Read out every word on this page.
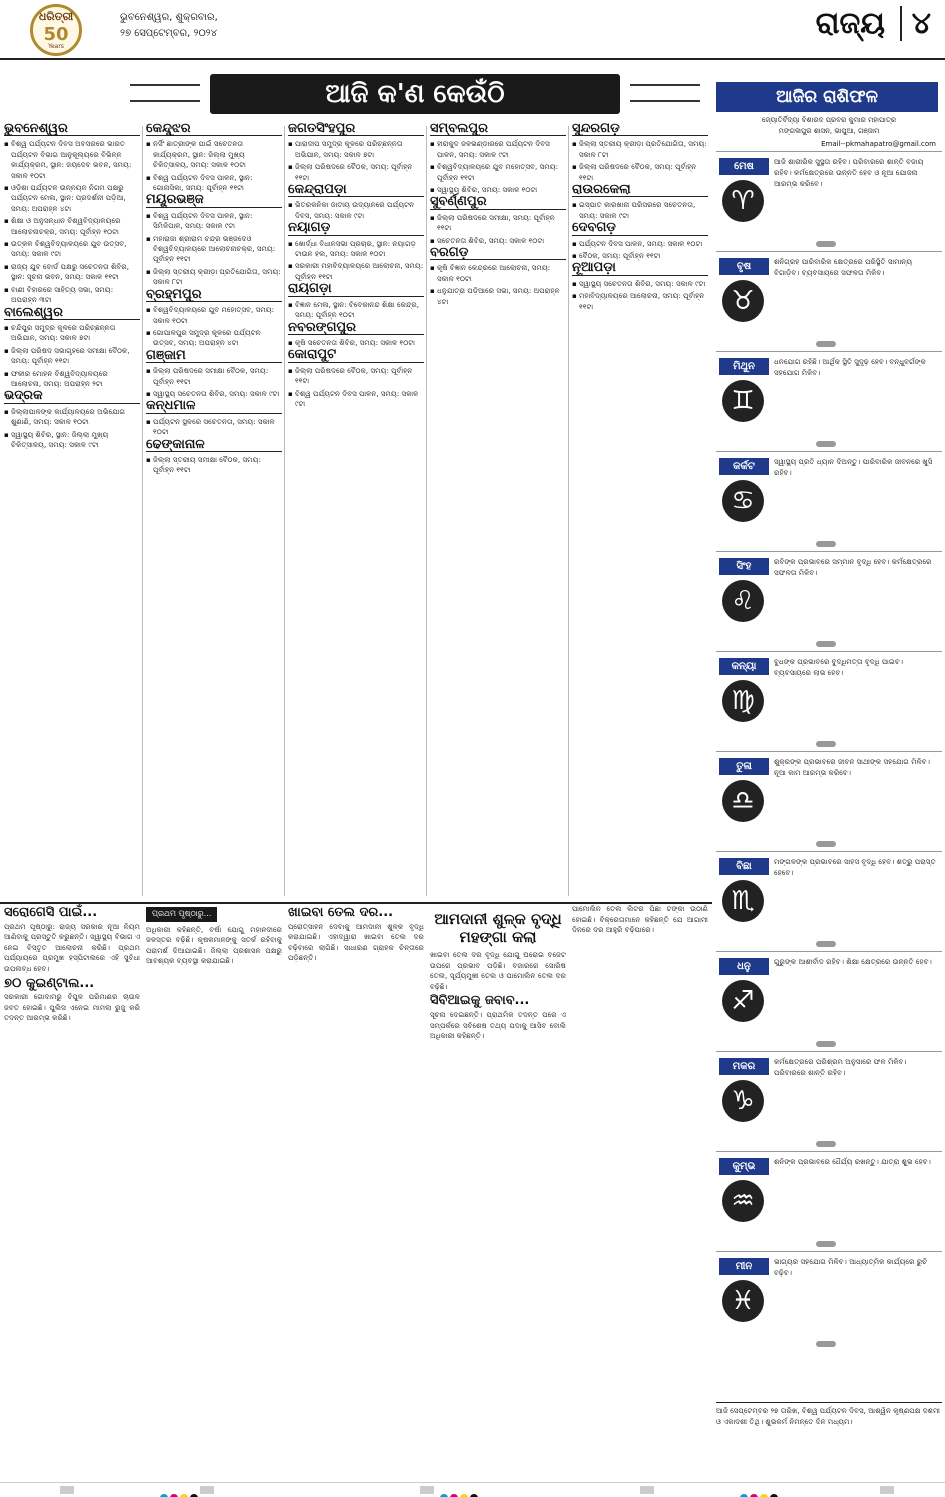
ଧରିତ୍ରୀ
50
Years
ଭୁବନେଶ୍ୱର, ଶୁକ୍ରବାର,
୨୭ ସେପ୍ଟେମ୍ବର, ୨୦୨୪	ରାଜ୍ୟ ୪
ଆଜି କ'ଣ କେଉଁଠି
ଭୁବନେଶ୍ୱର
▪ ବିଶ୍ୱ ପର୍ଯ୍ୟଟନ ଦିବସ ଅବସରରେ ଭାରତ ପର୍ଯ୍ୟଟନ ବିଭାଗ ଆନୁକୂଲ୍ୟରେ ବିଭିନ୍ନ କାର୍ଯ୍ୟକ୍ରମ, ସ୍ଥାନ: ଜୟଦେବ ଭବନ, ସମୟ: ସକାଳ ୧୦ଟା
▪ ଓଡ଼ିଶା ପର୍ଯ୍ୟଟନ ଉନ୍ନୟନ ନିଗମ ପକ୍ଷରୁ ପର୍ଯ୍ୟଟନ ମେଳା, ସ୍ଥାନ: ପ୍ରଦର୍ଶନୀ ପଡ଼ିଆ, ସମୟ: ଅପରାହ୍ନ ୪ଟା
▪ ଶିକ୍ଷା ଓ ଅନୁସନ୍ଧାନ ବିଶ୍ୱବିଦ୍ୟାଳୟରେ ଆଲୋଚନାଚକ୍ର, ସମୟ: ପୂର୍ବାହ୍ନ ୧୦ଟା
▪ ଉତ୍କଳ ବିଶ୍ୱବିଦ୍ୟାଳୟରେ ଯୁବ ଉତ୍ସବ, ସମୟ: ସକାଳ ୯ଟା
▪ ରାଜ୍ୟ ଯୁବ ବୋର୍ଡ ପକ୍ଷରୁ ସଚେତନତା ଶିବିର, ସ୍ଥାନ: ସୂଚନା ଭବନ, ସମୟ: ସକାଳ ୧୧ଟା
▪ ବାଣୀ ବିହାରରେ ସାହିତ୍ୟ ସଭା, ସମୟ: ଅପରାହ୍ନ ୩ଟା
ବାଲେଶ୍ୱର
▪ ଚନ୍ଦିପୁର ସମୁଦ୍ର କୂଳରେ ପରିଚ୍ଛନ୍ନତା ଅଭିଯାନ, ସମୟ: ସକାଳ ୭ଟା
▪ ଜିଲ୍ଲା ପରିଷଦ ସଭାଗୃହରେ ସମୀକ୍ଷା ବୈଠକ, ସମୟ: ପୂର୍ବାହ୍ନ ୧୧ଟା
▪ ଫକୀର ମୋହନ ବିଶ୍ୱବିଦ୍ୟାଳୟରେ ଆଲୋଚନା, ସମୟ: ଅପରାହ୍ନ ୨ଟା
ଭଦ୍ରକ
▪ ଜିଲ୍ଲାପାଳଙ୍କ କାର୍ଯ୍ୟାଳୟରେ ଅଭିଯୋଗ ଶୁଣାଣି, ସମୟ: ସକାଳ ୧୦ଟା
▪ ସ୍ୱାସ୍ଥ୍ୟ ଶିବିର, ସ୍ଥାନ: ଜିଲ୍ଲା ମୁଖ୍ୟ ଚିକିତ୍ସାଳୟ, ସମୟ: ସକାଳ ୯ଟା
କେନ୍ଦୁଝର
▪ ନର୍ସିଂ ଛାତ୍ରୀଙ୍କ ପାଇଁ ସଚେତନତା କାର୍ଯ୍ୟକ୍ରମ, ସ୍ଥାନ: ଜିଲ୍ଲା ମୁଖ୍ୟ ଚିକିତ୍ସାଳୟ, ସମୟ: ସକାଳ ୧୦ଟା
▪ ବିଶ୍ୱ ପର୍ଯ୍ୟଟନ ଦିବସ ପାଳନ, ସ୍ଥାନ: ଗୋନାସିକା, ସମୟ: ପୂର୍ବାହ୍ନ ୧୧ଟା
ମୟୂରଭଞ୍ଜ
▪ ବିଶ୍ୱ ପର୍ଯ୍ୟଟନ ଦିବସ ପାଳନ, ସ୍ଥାନ: ସିମିଳିପାଳ, ସମୟ: ସକାଳ ୯ଟା
▪ ମହାରାଜା ଶ୍ରୀରାମ ଚନ୍ଦ୍ର ଭଞ୍ଜଦେଓ ବିଶ୍ୱବିଦ୍ୟାଳୟରେ ଆଲୋଚନାଚକ୍ର, ସମୟ: ପୂର୍ବାହ୍ନ ୧୧ଟା
▪ ଜିଲ୍ଲା ସ୍ତରୀୟ କ୍ରୀଡ଼ା ପ୍ରତିଯୋଗିତା, ସମୟ: ସକାଳ ୮ଟା
ବ୍ରହ୍ମପୁର
▪ ବିଶ୍ୱବିଦ୍ୟାଳୟରେ ଯୁବ ମହୋତ୍ସବ, ସମୟ: ସକାଳ ୧୦ଟା
▪ ଗୋପାଳପୁର ସମୁଦ୍ର କୂଳରେ ପର୍ଯ୍ୟଟନ ଉତ୍ସବ, ସମୟ: ଅପରାହ୍ନ ୪ଟା
ଗଞ୍ଜାମ
▪ ଜିଲ୍ଲା ପରିଷଦରେ ସମୀକ୍ଷା ବୈଠକ, ସମୟ: ପୂର୍ବାହ୍ନ ୧୧ଟା
▪ ସ୍ୱାସ୍ଥ୍ୟ ସଚେତନତା ଶିବିର, ସମୟ: ସକାଳ ୯ଟା
କନ୍ଧମାଳ
▪ ପର୍ଯ୍ୟଟନ ସ୍ଥଳରେ ସଚେତନତା, ସମୟ: ସକାଳ ୧୦ଟା
ଢେଙ୍କାନାଳ
▪ ଜିଲ୍ଲା ସ୍ତରୀୟ ସମୀକ୍ଷା ବୈଠକ, ସମୟ: ପୂର୍ବାହ୍ନ ୧୧ଟା
ଜଗତସିଂହପୁର
▪ ପାରାଦୀପ ସମୁଦ୍ର କୂଳରେ ପରିଚ୍ଛନ୍ନତା ଅଭିଯାନ, ସମୟ: ସକାଳ ୭ଟା
▪ ଜିଲ୍ଲା ପରିଷଦରେ ବୈଠକ, ସମୟ: ପୂର୍ବାହ୍ନ ୧୧ଟା
କେନ୍ଦ୍ରାପଡ଼ା
▪ ଭିତରକନିକା ଜାତୀୟ ଉଦ୍ୟାନରେ ପର୍ଯ୍ୟଟନ ଦିବସ, ସମୟ: ସକାଳ ୯ଟା
ନୟାଗଡ଼
▪ ଖୋର୍ଦ୍ଧା ବିଧାନସଭା ପ୍ରଚାର, ସ୍ଥାନ: ନୟାଗଡ଼ ଟାଉନ ହଲ, ସମୟ: ସକାଳ ୧୦ଟା
▪ ସରକାରୀ ମହାବିଦ୍ୟାଳୟରେ ଆଲୋଚନା, ସମୟ: ପୂର୍ବାହ୍ନ ୧୧ଟା
ରାୟଗଡ଼ା
▪ ବିଜ୍ଞାନ ମେଳା, ସ୍ଥାନ: ବିବେକାନନ୍ଦ ଶିକ୍ଷା କେନ୍ଦ୍ର, ସମୟ: ପୂର୍ବାହ୍ନ ୧୦ଟା
ନବରଙ୍ଗପୁର
▪ କୃଷି ସଚେତନତା ଶିବିର, ସମୟ: ସକାଳ ୧୦ଟା
କୋରାପୁଟ
▪ ଜିଲ୍ଲା ପରିଷଦରେ ବୈଠକ, ସମୟ: ପୂର୍ବାହ୍ନ ୧୧ଟା
▪ ବିଶ୍ୱ ପର୍ଯ୍ୟଟନ ଦିବସ ପାଳନ, ସମୟ: ସକାଳ ୯ଟା
ସମ୍ବଲପୁର
▪ ହୀରାକୁଦ ଜଳଭଣ୍ଡାରରେ ପର୍ଯ୍ୟଟନ ଦିବସ ପାଳନ, ସମୟ: ସକାଳ ୯ଟା
▪ ବିଶ୍ୱବିଦ୍ୟାଳୟରେ ଯୁବ ମହୋତ୍ସବ, ସମୟ: ପୂର୍ବାହ୍ନ ୧୧ଟା
▪ ସ୍ୱାସ୍ଥ୍ୟ ଶିବିର, ସମୟ: ସକାଳ ୧୦ଟା
ସୁବର୍ଣ୍ଣପୁର
▪ ଜିଲ୍ଲା ପରିଷଦରେ ସମୀକ୍ଷା, ସମୟ: ପୂର୍ବାହ୍ନ ୧୧ଟା
▪ ସଚେତନତା ଶିବିର, ସମୟ: ସକାଳ ୧୦ଟା
ବରଗଡ଼
▪ କୃଷି ବିଜ୍ଞାନ କେନ୍ଦ୍ରରେ ଆଲୋଚନା, ସମୟ: ସକାଳ ୧୦ଟା
▪ ଧନୁଯାତ୍ରା ପଡ଼ିଆରେ ସଭା, ସମୟ: ଅପରାହ୍ନ ୪ଟା
ସୁନ୍ଦରଗଡ଼
▪ ଜିଲ୍ଲା ସ୍ତରୀୟ କ୍ରୀଡ଼ା ପ୍ରତିଯୋଗିତା, ସମୟ: ସକାଳ ୮ଟା
▪ ଜିଲ୍ଲା ପରିଷଦରେ ବୈଠକ, ସମୟ: ପୂର୍ବାହ୍ନ ୧୧ଟା
ରାଉରକେଲା
▪ ଇସ୍ପାତ କାରଖାନା ପରିସରରେ ସଚେତନତା, ସମୟ: ସକାଳ ୯ଟା
ଦେବଗଡ଼
▪ ପର୍ଯ୍ୟଟନ ଦିବସ ପାଳନ, ସମୟ: ସକାଳ ୧୦ଟା
▪ ବୈଠକ, ସମୟ: ପୂର୍ବାହ୍ନ ୧୧ଟା
ନୂଆପଡ଼ା
▪ ସ୍ୱାସ୍ଥ୍ୟ ସଚେତନତା ଶିବିର, ସମୟ: ସକାଳ ୯ଟା
▪ ମହାବିଦ୍ୟାଳୟରେ ଆଲୋଚନା, ସମୟ: ପୂର୍ବାହ୍ନ ୧୧ଟା
ଆଜିର ରାଶିଫଳ
ଜ୍ୟୋତିର୍ବିଦ୍ୟା ବିଶାରଦ ପ୍ରବର କୁମାର ମହାପାତ୍ର
ମଙ୍ଗଳାପୁର ଶାସନ, ଭାପୁଆ, ଗଞ୍ଜାମ
Email--pkmahapatro@gmail.com
ମେଷ
♈
ଆଜି ଶାରୀରିକ ସୁସ୍ଥତା ରହିବ। ପରିବାରରେ ଶାନ୍ତି ବଜାୟ ରହିବ। କର୍ମକ୍ଷେତ୍ରରେ ଉନ୍ନତି ହେବ ଓ ନୂଆ ଯୋଜନା ଆରମ୍ଭ କରିବେ।
ବୃଷ
♉
ଶନିଗ୍ରହ ପାରିବାରିକ କ୍ଷେତ୍ରରେ ପରିସ୍ଥିତି ସାମାନ୍ୟ ବିଗାଡ଼ିବ। ବ୍ୟବସାୟରେ ସଫଳତା ମିଳିବ।
ମିଥୁନ
♊
ଧନଯୋଗ ରହିଛି। ଆର୍ଥିକ ସ୍ଥିତି ସୁଦୃଢ଼ ହେବ। ବନ୍ଧୁବର୍ଗଙ୍କ ସହଯୋଗ ମିଳିବ।
କର୍କଟ
♋
ସ୍ୱାସ୍ଥ୍ୟ ପ୍ରତି ଧ୍ୟାନ ଦିଅନ୍ତୁ। ପାରିବାରିକ ଜୀବନରେ ଖୁସି ରହିବ।
ସିଂହ
♌
ରବିଙ୍କ ପ୍ରଭାବରେ ସମ୍ମାନ ବୃଦ୍ଧି ହେବ। କର୍ମକ୍ଷେତ୍ରରେ ସଫଳତା ମିଳିବ।
କନ୍ୟା
♍
ବୁଧଙ୍କ ପ୍ରଭାବରେ ବୁଦ୍ଧିମତ୍ତା ବୃଦ୍ଧି ପାଇବ। ବ୍ୟବସାୟରେ ଲାଭ ହେବ।
ତୁଳା
♎
ଶୁକ୍ରଙ୍କ ପ୍ରଭାବରେ ଜୀବନ ସାଥୀଙ୍କ ସହଯୋଗ ମିଳିବ। ନୂଆ କାମ ଆରମ୍ଭ କରିବେ।
ବିଛା
♏
ମଙ୍ଗଳଙ୍କ ପ୍ରଭାବରେ ସାହସ ବୃଦ୍ଧି ହେବ। ଶତ୍ରୁ ପରାସ୍ତ ହେବେ।
ଧନୁ
♐
ଗୁରୁଙ୍କ ଆଶୀର୍ବାଦ ରହିବ। ଶିକ୍ଷା କ୍ଷେତ୍ରରେ ଉନ୍ନତି ହେବ।
ମକର
♑
କର୍ମକ୍ଷେତ୍ରରେ ପରିଶ୍ରମ ଅନୁସାରେ ଫଳ ମିଳିବ। ପରିବାରରେ ଶାନ୍ତି ରହିବ।
କୁମ୍ଭ
♒
ଶନିଙ୍କ ପ୍ରଭାବରେ ଧୈର୍ଯ୍ୟ ରଖନ୍ତୁ। ଯାତ୍ରା ଶୁଭ ହେବ।
ମୀନ
♓
ଭାଗ୍ୟର ସହଯୋଗ ମିଳିବ। ଆଧ୍ୟାତ୍ମିକ କାର୍ଯ୍ୟରେ ରୁଚି ବଢ଼ିବ।
ସରୋଗେସି ପାଇଁ...
ପ୍ରଥମ ପୃଷ୍ଠାରୁ: ରାଜ୍ୟ ସରକାର ନୂଆ ନିୟମ ଆଣିବାକୁ ପ୍ରସ୍ତୁତି କରୁଛନ୍ତି। ସ୍ୱାସ୍ଥ୍ୟ ବିଭାଗ ଏ ନେଇ ବିସ୍ତୃତ ଆଲୋଚନା କରିଛି। ପ୍ରଥମ ପର୍ଯ୍ୟାୟରେ ପ୍ରମୁଖ ହସ୍ପିଟାଲରେ ଏହି ସୁବିଧା ଉପଲବ୍ଧ ହେବ।
୭୦ କୁଇଣ୍ଟାଲ...
ସରକାରୀ ଗୋଦାମରୁ ବିପୁଳ ପରିମାଣର ଚାଉଳ ଜବତ ହୋଇଛି। ପୁଲିସ ଏନେଇ ମାମଲା ରୁଜୁ କରି ତଦନ୍ତ ଆରମ୍ଭ କରିଛି।
ପ୍ରଥମ ପୃଷ୍ଠାରୁ...
ଅଧିକାରୀ କହିଛନ୍ତି, ବର୍ଷା ଯୋଗୁ ମହାନଦୀରେ ଜଳସ୍ତର ବଢ଼ିଛି। କୃଷକମାନଙ୍କୁ ସତର୍କ ରହିବାକୁ ପରାମର୍ଶ ଦିଆଯାଇଛି। ଜିଲ୍ଲା ପ୍ରଶାସନ ପକ୍ଷରୁ ଆବଶ୍ୟକ ବ୍ୟବସ୍ଥା କରାଯାଇଛି।
ଖାଇବା ତେଲ ଦର...
ପ୍ରୋତ୍ସାହନ ଦେବାକୁ ଆମଦାନୀ ଶୁଳ୍କ ବୃଦ୍ଧି କରାଯାଇଛି। ଏହାଦ୍ୱାରା ଖାଇବା ତେଲ ଦର ବଢ଼ିବାରେ ଲାଗିଛି। ସାଧାରଣ ଗ୍ରାହକ ଚିନ୍ତାରେ ପଡ଼ିଛନ୍ତି।
ଆମଦାନୀ ଶୁଳ୍କ ବୃଦ୍ଧି ମହଙ୍ଗା କଲା
ଖାଇବା ତେଲ ଦର ବୃଦ୍ଧି ଯୋଗୁ ଘରୋଇ ବଜେଟ ଉପରେ ପ୍ରଭାବ ପଡ଼ିଛି। ବଜାରରେ ସୋରିଷ ତେଲ, ସୂର୍ଯ୍ୟମୁଖୀ ତେଲ ଓ ପାମୋଲିନ ତେଲ ଦର ବଢ଼ିଛି।
ସିବିଆଇକୁ ଜବାବ...
ସୂଚନା ଦେଇଛନ୍ତି। ପ୍ରାଥମିକ ତଦନ୍ତ ପରେ ଏ ସମ୍ପର୍କରେ ସବିଶେଷ ତଥ୍ୟ ପଦାକୁ ଆସିବ ବୋଲି ଅଧିକାରୀ କହିଛନ୍ତି।
ପାମୋଲିନ ତେଲ ଲିଟର ପିଛା ଟଙ୍କା ଉଠାଣି ହୋଇଛି। ବିକ୍ରେତାମାନେ କହିଛନ୍ତି ଯେ ଆଗାମୀ ଦିନରେ ଦର ଆହୁରି ବଢ଼ିପାରେ।
ଆଜି ସେପ୍ଟେମ୍ବର ୨୭ ତାରିଖ, ବିଶ୍ୱ ପର୍ଯ୍ୟଟନ ଦିବସ, ଆଶ୍ୱିନ କୃଷ୍ଣପକ୍ଷ ଦଶମୀ ଓ ଏକାଦଶୀ ତିଥି। ଶୁଭକର୍ମ ନିମନ୍ତେ ଦିନ ମଧ୍ୟମ।
